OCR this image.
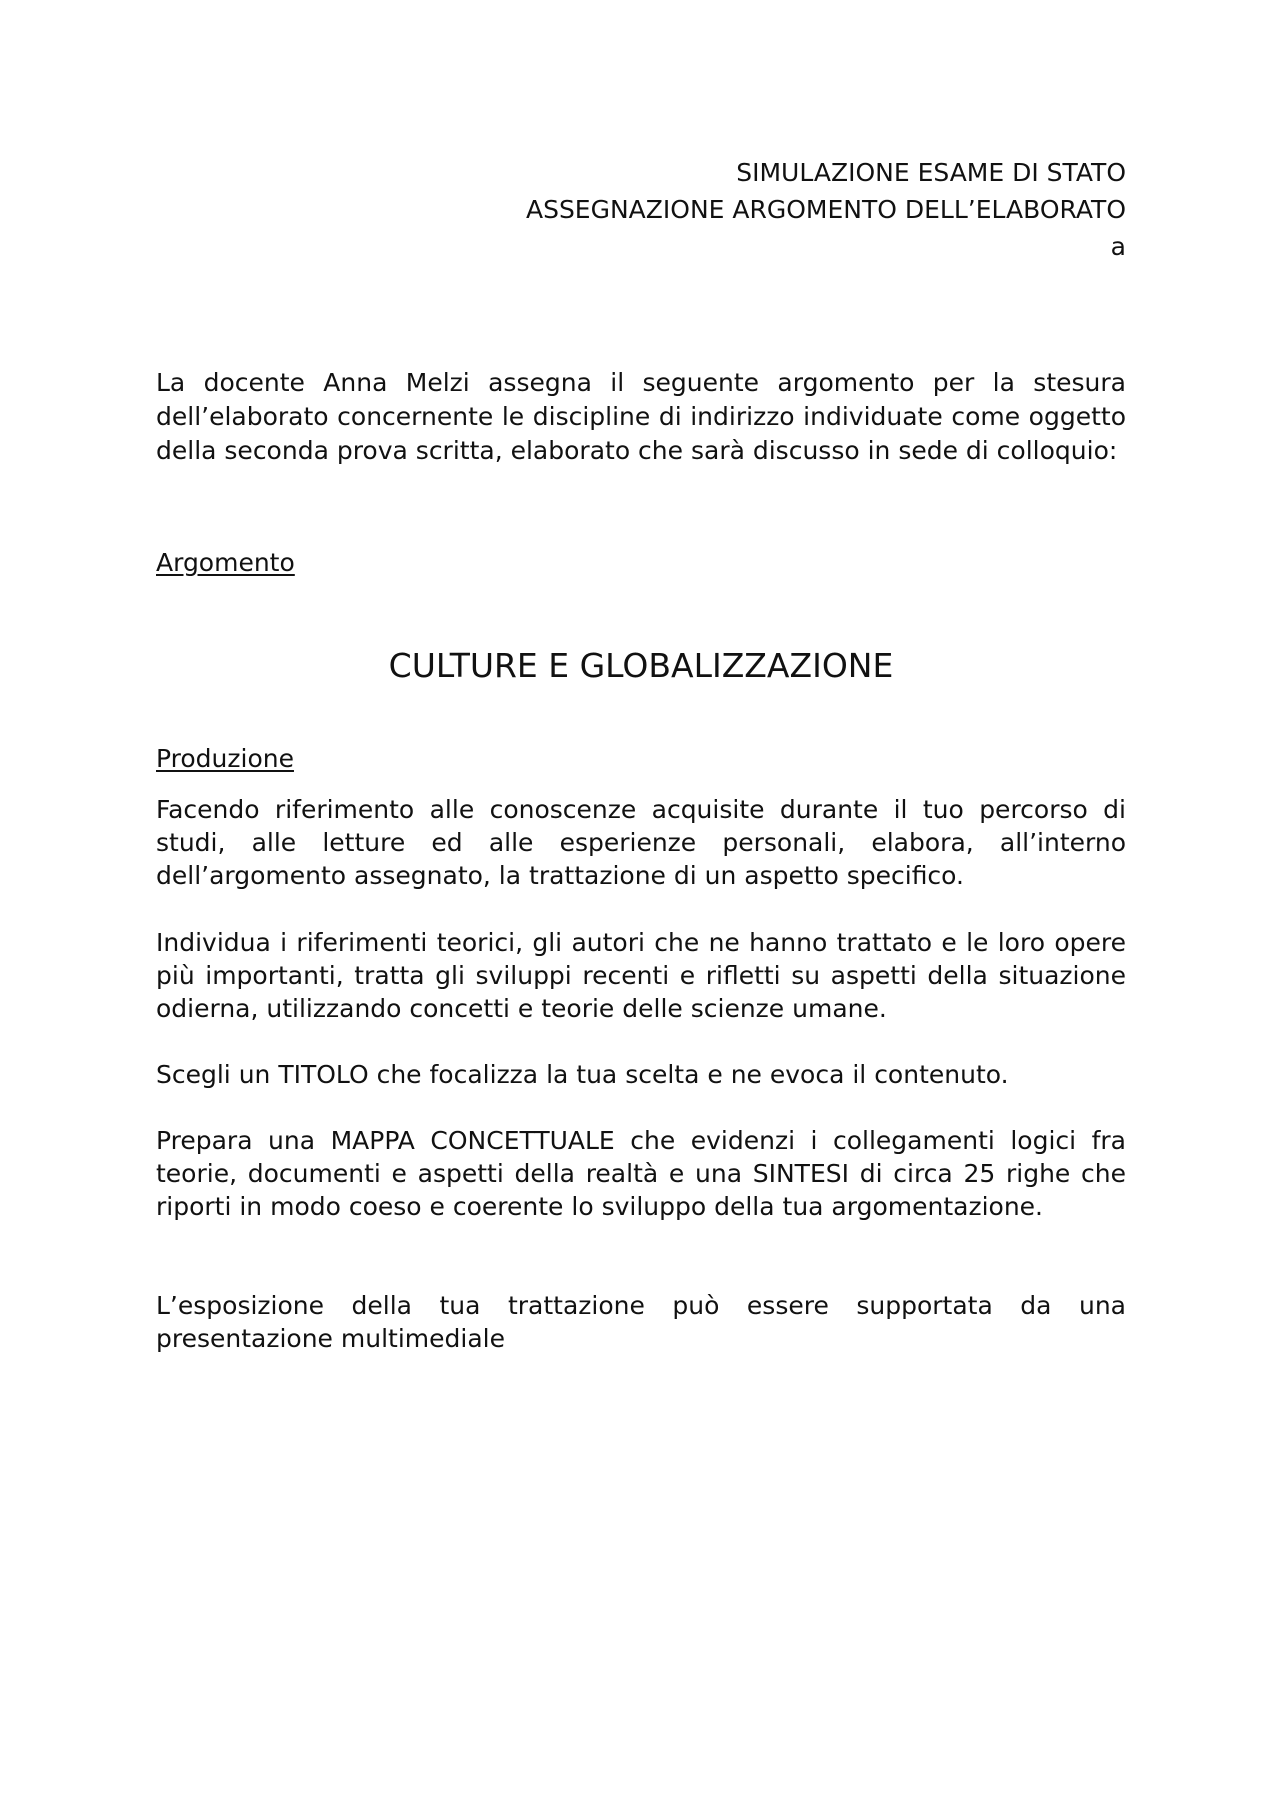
SIMULAZIONE ESAME DI STATO
ASSEGNAZIONE ARGOMENTO DELL’ELABORATO
a
La docente Anna Melzi assegna il seguente argomento per la stesura dell’elaborato concernente le discipline di indirizzo individuate come oggetto della seconda prova scritta, elaborato che sarà discusso in sede di colloquio:
Argomento
CULTURE E GLOBALIZZAZIONE
Produzione
Facendo riferimento alle conoscenze acquisite durante il tuo percorso di studi, alle letture ed alle esperienze personali, elabora, all’interno dell’argomento assegnato, la trattazione di un aspetto specifico.
Individua i riferimenti teorici, gli autori che ne hanno trattato e le loro opere più importanti, tratta gli sviluppi recenti e rifletti su aspetti della situazione odierna, utilizzando concetti e teorie delle scienze umane.
Scegli un TITOLO che focalizza la tua scelta e ne evoca il contenuto.
Prepara una MAPPA CONCETTUALE che evidenzi i collegamenti logici fra teorie, documenti e aspetti della realtà e una SINTESI di circa 25 righe che riporti in modo coeso e coerente lo sviluppo della tua argomentazione.
L’esposizione della tua trattazione può essere supportata da una presentazione multimediale
